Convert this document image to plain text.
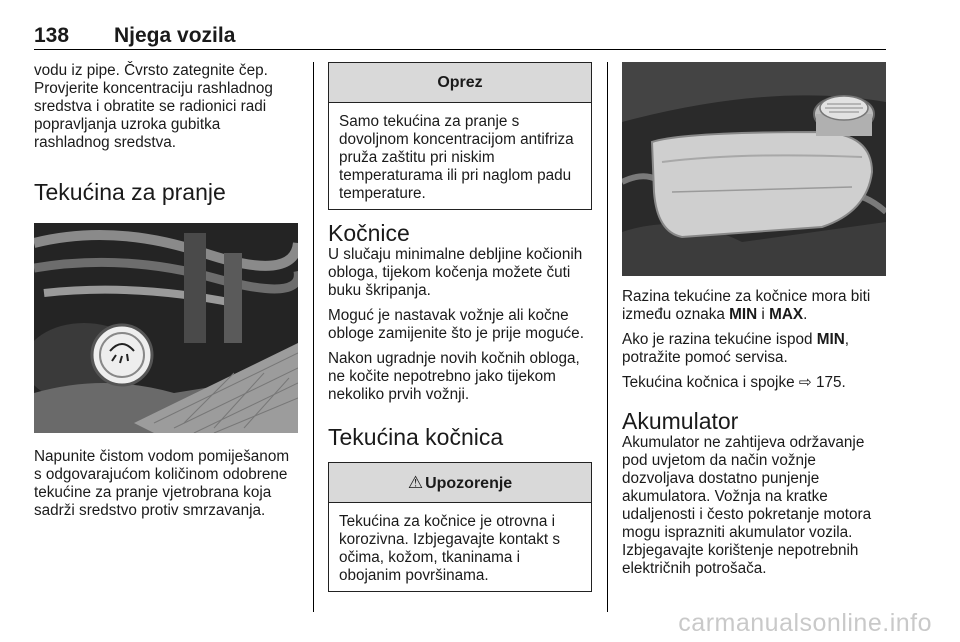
138 Njega vozila

vodu iz pipe. Čvrsto zategnite čep. Provjerite koncentraciju rashladnog sredstva i obratite se radionici radi popravljanja uzroka gubitka rashladnog sredstva.

Tekućina za pranje

Napunite čistom vodom pomiješanom s odgovarajućom količinom odobrene tekućine za pranje vjetrobrana koja sadrži sredstvo protiv smrzavanja.

Oprez
Samo tekućina za pranje s dovoljnom koncentracijom antifriza pruža zaštitu pri niskim temperaturama ili pri naglom padu temperature.
Kočnice

U slučaju minimalne debljine kočionih obloga, tijekom kočenja možete čuti buku škripanja.

Moguć je nastavak vožnje ali kočne obloge zamijenite što je prije moguće.

Nakon ugradnje novih kočnih obloga, ne kočite nepotrebno jako tijekom nekoliko prvih vožnji.

Tekućina kočnica
⚠ Upozorenje
Tekućina za kočnice je otrovna i korozivna. Izbjegavajte kontakt s očima, kožom, tkaninama i obojanim površinama.

Razina tekućine za kočnice mora biti između oznaka MIN i MAX.

Ako je razina tekućine ispod MIN, potražite pomoć servisa.

Tekućina kočnica i spojke ⇨ 175.

Akumulator

Akumulator ne zahtijeva održavanje pod uvjetom da način vožnje dozvoljava dostatno punjenje akumulatora. Vožnja na kratke udaljenosti i često pokretanje motora mogu isprazniti akumulator vozila. Izbjegavajte korištenje nepotrebnih električnih potrošača.

carmanualsonline.info
